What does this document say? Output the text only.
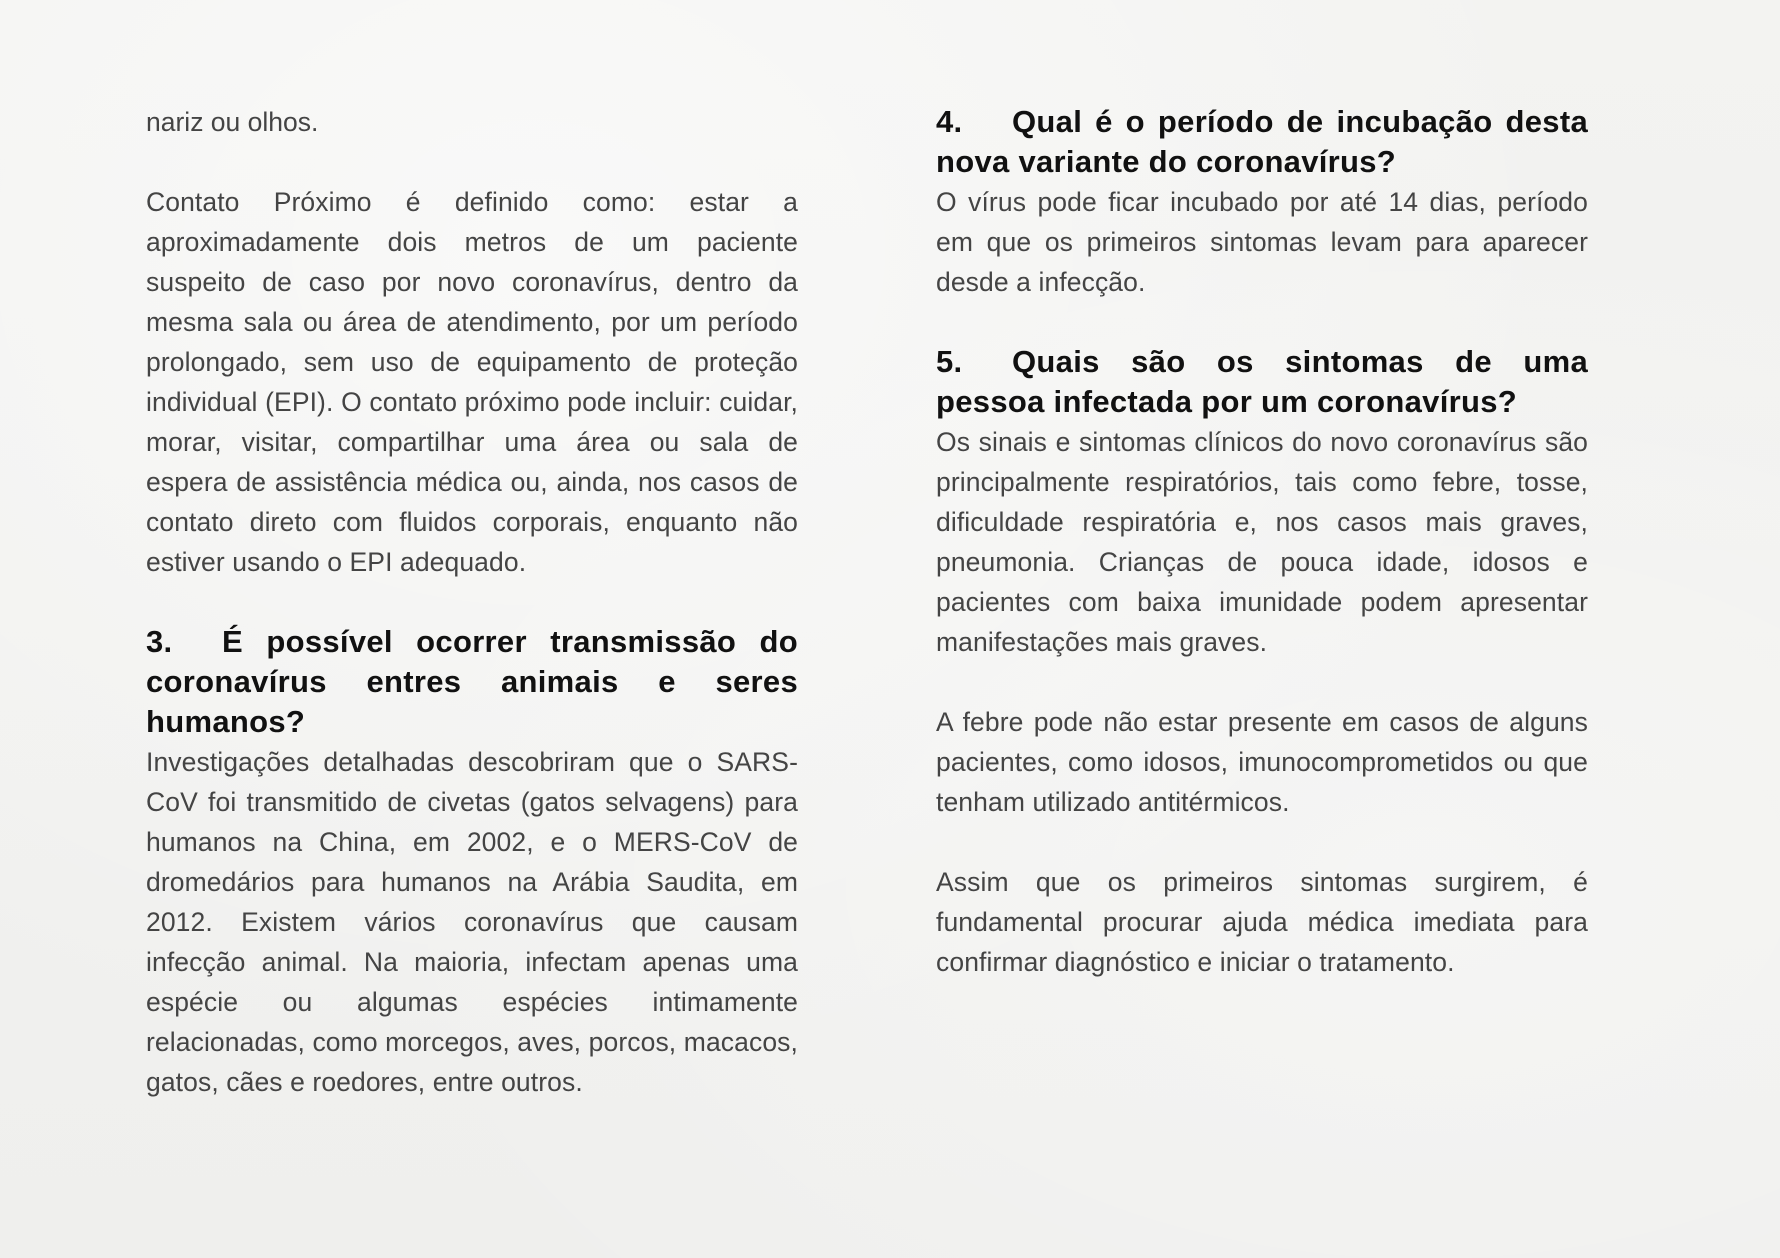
nariz ou olhos.

Contato Próximo é definido como: estar a aproximadamente dois metros de um paciente suspeito de caso por novo coronavírus, dentro da mesma sala ou área de atendimento, por um período prolongado, sem uso de equipamento de proteção individual (EPI). O contato próximo pode incluir: cuidar, morar, visitar, compartilhar uma área ou sala de espera de assistência médica ou, ainda, nos casos de contato direto com fluidos corporais, enquanto não estiver usando o EPI adequado.

3. É possível ocorrer transmissão do coronavírus entres animais e seres humanos?

Investigações detalhadas descobriram que o SARS-CoV foi transmitido de civetas (gatos selvagens) para humanos na China, em 2002, e o MERS-CoV de dromedários para humanos na Arábia Saudita, em 2012. Existem vários coronavírus que causam infecção animal. Na maioria, infectam apenas uma espécie ou algumas espécies intimamente relacionadas, como morcegos, aves, porcos, macacos, gatos, cães e roedores, entre outros.

4. Qual é o período de incubação desta nova variante do coronavírus?

O vírus pode ficar incubado por até 14 dias, período em que os primeiros sintomas levam para aparecer desde a infecção.

5. Quais são os sintomas de uma pessoa infectada por um coronavírus?

Os sinais e sintomas clínicos do novo coronavírus são principalmente respiratórios, tais como febre, tosse, dificuldade respiratória e, nos casos mais graves, pneumonia. Crianças de pouca idade, idosos e pacientes com baixa imunidade podem apresentar manifestações mais graves.

A febre pode não estar presente em casos de alguns pacientes, como idosos, imunocomprometidos ou que tenham utilizado antitérmicos.

Assim que os primeiros sintomas surgirem, é fundamental procurar ajuda médica imediata para confirmar diagnóstico e iniciar o tratamento.
